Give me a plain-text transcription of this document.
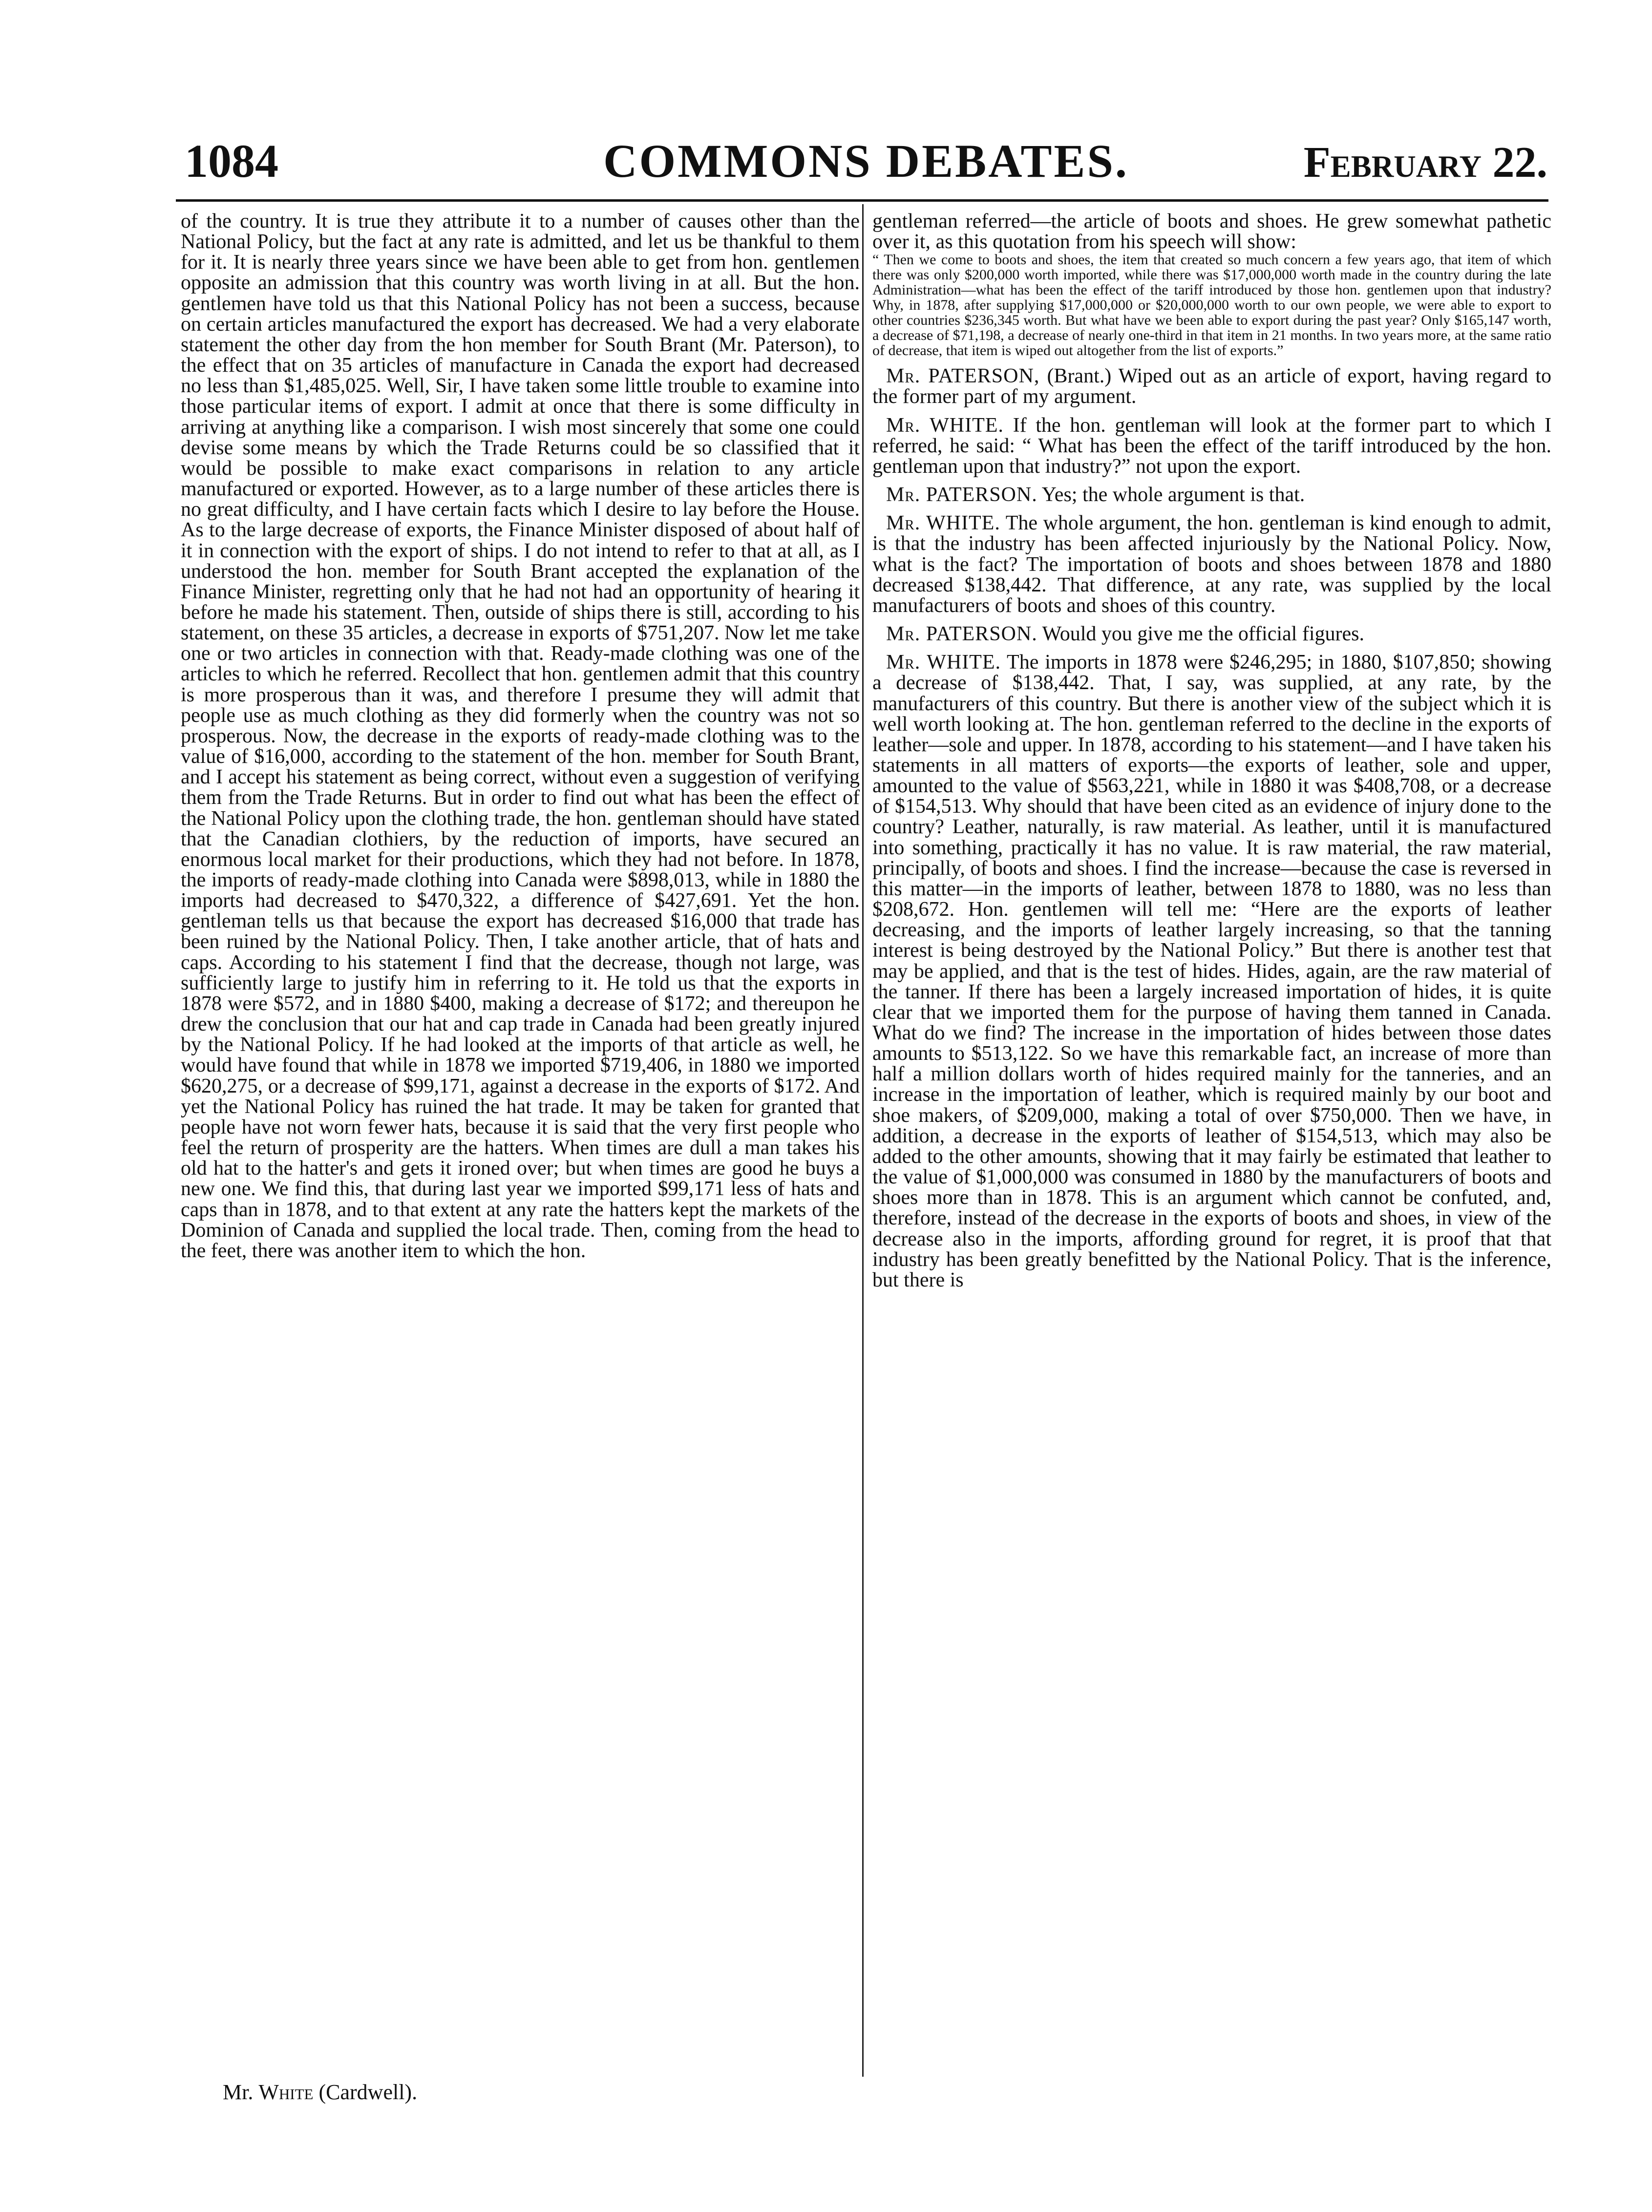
1084	COMMONS DEBATES.	February 22.

of the country. It is true they attribute it to a number of causes other than the National Policy, but the fact at any rate is admitted, and let us be thankful to them for it. It is nearly three years since we have been able to get from hon. gentlemen opposite an admission that this country was worth living in at all. But the hon. gentlemen have told us that this National Policy has not been a success, because on certain articles manufactured the export has decreased. We had a very elaborate statement the other day from the hon member for South Brant (Mr. Paterson), to the effect that on 35 articles of manufacture in Canada the export had decreased no less than $1,485,025. Well, Sir, I have taken some little trouble to examine into those particular items of export. I admit at once that there is some difficulty in arriving at anything like a comparison. I wish most sincerely that some one could devise some means by which the Trade Returns could be so classified that it would be possible to make exact comparisons in relation to any article manufactured or exported. However, as to a large number of these articles there is no great difficulty, and I have certain facts which I desire to lay before the House. As to the large decrease of exports, the Finance Minister disposed of about half of it in connection with the export of ships. I do not intend to refer to that at all, as I understood the hon. member for South Brant accepted the explanation of the Finance Minister, regretting only that he had not had an opportunity of hearing it before he made his statement. Then, outside of ships there is still, according to his statement, on these 35 articles, a decrease in exports of $751,207. Now let me take one or two articles in connection with that. Ready-made clothing was one of the articles to which he referred. Recollect that hon. gentlemen admit that this country is more prosperous than it was, and therefore I presume they will admit that people use as much clothing as they did formerly when the country was not so prosperous. Now, the decrease in the exports of ready-made clothing was to the value of $16,000, according to the statement of the hon. member for South Brant, and I accept his statement as being correct, without even a suggestion of verifying them from the Trade Returns. But in order to find out what has been the effect of the National Policy upon the clothing trade, the hon. gentleman should have stated that the Canadian clothiers, by the reduction of imports, have secured an enormous local market for their productions, which they had not before. In 1878, the imports of ready-made clothing into Canada were $898,013, while in 1880 the imports had decreased to $470,322, a difference of $427,691. Yet the hon. gentleman tells us that because the export has decreased $16,000 that trade has been ruined by the National Policy. Then, I take another article, that of hats and caps. According to his statement I find that the decrease, though not large, was sufficiently large to justify him in referring to it. He told us that the exports in 1878 were $572, and in 1880 $400, making a decrease of $172; and thereupon he drew the conclusion that our hat and cap trade in Canada had been greatly injured by the National Policy. If he had looked at the imports of that article as well, he would have found that while in 1878 we imported $719,406, in 1880 we imported $620,275, or a decrease of $99,171, against a decrease in the exports of $172. And yet the National Policy has ruined the hat trade. It may be taken for granted that people have not worn fewer hats, because it is said that the very first people who feel the return of prosperity are the hatters. When times are dull a man takes his old hat to the hatter's and gets it ironed over; but when times are good he buys a new one. We find this, that during last year we imported $99,171 less of hats and caps than in 1878, and to that extent at any rate the hatters kept the markets of the Dominion of Canada and supplied the local trade. Then, coming from the head to the feet, there was another item to which the hon.

gentleman referred—the article of boots and shoes. He grew somewhat pathetic over it, as this quotation from his speech will show:

“ Then we come to boots and shoes, the item that created so much concern a few years ago, that item of which there was only $200,000 worth imported, while there was $17,000,000 worth made in the country during the late Administration—what has been the effect of the tariff introduced by those hon. gentlemen upon that industry? Why, in 1878, after supplying $17,000,000 or $20,000,000 worth to our own people, we were able to export to other countries $236,345 worth. But what have we been able to export during the past year? Only $165,147 worth, a decrease of $71,198, a decrease of nearly one-third in that item in 21 months. In two years more, at the same ratio of decrease, that item is wiped out altogether from the list of exports.”

Mr. PATERSON, (Brant.) Wiped out as an article of export, having regard to the former part of my argument.

Mr. WHITE. If the hon. gentleman will look at the former part to which I referred, he said: “ What has been the effect of the tariff introduced by the hon. gentleman upon that industry?” not upon the export.

Mr. PATERSON. Yes; the whole argument is that.

Mr. WHITE. The whole argument, the hon. gentleman is kind enough to admit, is that the industry has been affected injuriously by the National Policy. Now, what is the fact? The importation of boots and shoes between 1878 and 1880 decreased $138,442. That difference, at any rate, was supplied by the local manufacturers of boots and shoes of this country.

Mr. PATERSON. Would you give me the official figures.

Mr. WHITE. The imports in 1878 were $246,295; in 1880, $107,850; showing a decrease of $138,442. That, I say, was supplied, at any rate, by the manufacturers of this country. But there is another view of the subject which it is well worth looking at. The hon. gentleman referred to the decline in the exports of leather—sole and upper. In 1878, according to his statement—and I have taken his statements in all matters of exports—the exports of leather, sole and upper, amounted to the value of $563,221, while in 1880 it was $408,708, or a decrease of $154,513. Why should that have been cited as an evidence of injury done to the country? Leather, naturally, is raw material. As leather, until it is manufactured into something, practically it has no value. It is raw material, the raw material, principally, of boots and shoes. I find the increase—because the case is reversed in this matter—in the imports of leather, between 1878 to 1880, was no less than $208,672. Hon. gentlemen will tell me: “Here are the exports of leather decreasing, and the imports of leather largely increasing, so that the tanning interest is being destroyed by the National Policy.” But there is another test that may be applied, and that is the test of hides. Hides, again, are the raw material of the tanner. If there has been a largely increased importation of hides, it is quite clear that we imported them for the purpose of having them tanned in Canada. What do we find? The increase in the importation of hides between those dates amounts to $513,122. So we have this remarkable fact, an increase of more than half a million dollars worth of hides required mainly for the tanneries, and an increase in the importation of leather, which is required mainly by our boot and shoe makers, of $209,000, making a total of over $750,000. Then we have, in addition, a decrease in the exports of leather of $154,513, which may also be added to the other amounts, showing that it may fairly be estimated that leather to the value of $1,000,000 was consumed in 1880 by the manufacturers of boots and shoes more than in 1878. This is an argument which cannot be confuted, and, therefore, instead of the decrease in the exports of boots and shoes, in view of the decrease also in the imports, affording ground for regret, it is proof that that industry has been greatly benefitted by the National Policy. That is the inference, but there is

Mr. White (Cardwell).
